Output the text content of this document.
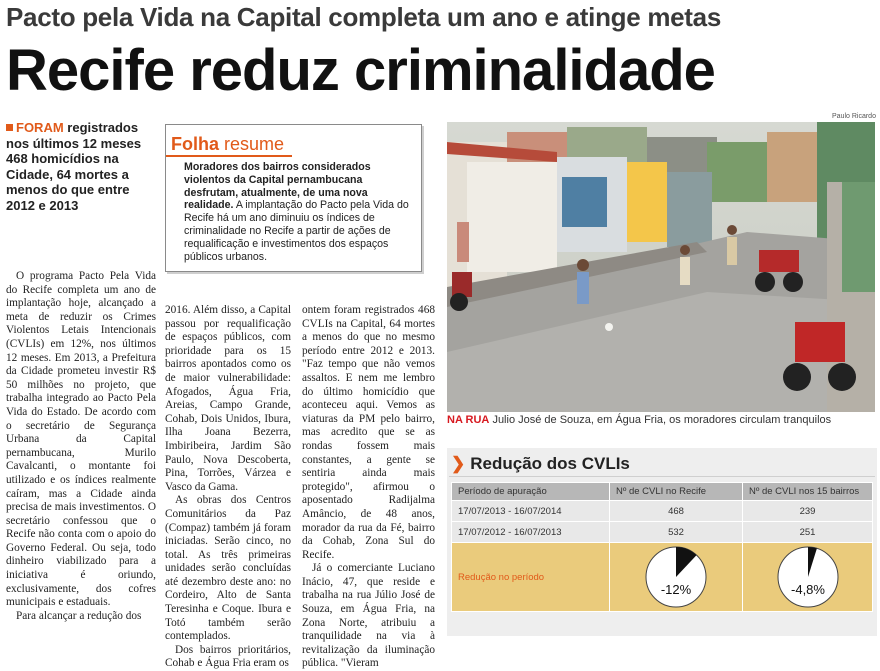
Pacto pela Vida na Capital completa um ano e atinge metas
Recife reduz criminalidade
FORAM registrados nos últimos 12 meses 468 homicídios na Cidade, 64 mortes a menos do que entre 2012 e 2013

O programa Pacto Pela Vida do Recife completa um ano de implantação hoje, alcançado a meta de reduzir os Crimes Violentos Letais Intencionais (CVLIs) em 12%, nos últimos 12 meses. Em 2013, a Prefeitura da Cidade prometeu investir R$ 50 milhões no projeto, que trabalha integrado ao Pacto Pela Vida do Estado. De acordo com o secretário de Segurança Urbana da Capital pernambucana, Murilo Cavalcanti, o montante foi utilizado e os índices realmente caíram, mas a Cidade ainda precisa de mais investimentos. O secretário confessou que o Recife não conta com o apoio do Governo Federal. Ou seja, todo dinheiro viabilizado para a iniciativa é oriundo, exclusivamente, dos cofres municipais e estaduais.

Para alcançar a redução dos

Folha resume
Moradores dos bairros considerados violentos da Capital pernambucana desfrutam, atualmente, de uma nova realidade. A implantação do Pacto pela Vida do Recife há um ano diminuiu os índices de criminalidade no Recife a partir de ações de requalificação e investimentos dos espaços públicos urbanos.

2016. Além disso, a Capital passou por requalificação de espaços públicos, com prioridade para os 15 bairros apontados como os de maior vulnerabilidade: Afogados, Água Fria, Areias, Campo Grande, Cohab, Dois Unidos, Ibura, Ilha Joana Bezerra, Imbiribeira, Jardim São Paulo, Nova Descoberta, Pina, Torrões, Várzea e Vasco da Gama.

As obras dos Centros Comunitários da Paz (Compaz) também já foram iniciadas. Serão cinco, no total. As três primeiras unidades serão concluídas até dezembro deste ano: no Cordeiro, Alto de Santa Teresinha e Coque. Ibura e Totó também serão contemplados.

Dos bairros prioritários, Cohab e Água Fria eram os

ontem foram registrados 468 CVLIs na Capital, 64 mortes a menos do que no mesmo período entre 2012 e 2013. "Faz tempo que não vemos assaltos. E nem me lembro do último homicídio que aconteceu aqui. Vemos as viaturas da PM pelo bairro, mas acredito que se as rondas fossem mais constantes, a gente se sentiria ainda mais protegido", afirmou o aposentado Radijalma Amâncio, de 48 anos, morador da rua da Fé, bairro da Cohab, Zona Sul do Recife.

Já o comerciante Luciano Inácio, 47, que reside e trabalha na rua Júlio José de Souza, em Água Fria, na Zona Norte, atribuiu a tranquilidade na via à revitalização da iluminação pública. "Vieram

Paulo Ricardo
NA RUA Julio José de Souza, em Água Fria, os moradores circulam tranquilos
❯ Redução dos CVLIs
Período de apuração	Nº de CVLI no Recife	Nº de CVLI nos 15 bairros
17/07/2013 - 16/07/2014	468	239
17/07/2012 - 16/07/2013	532	251
Redução no período	-12%	-4,8%
